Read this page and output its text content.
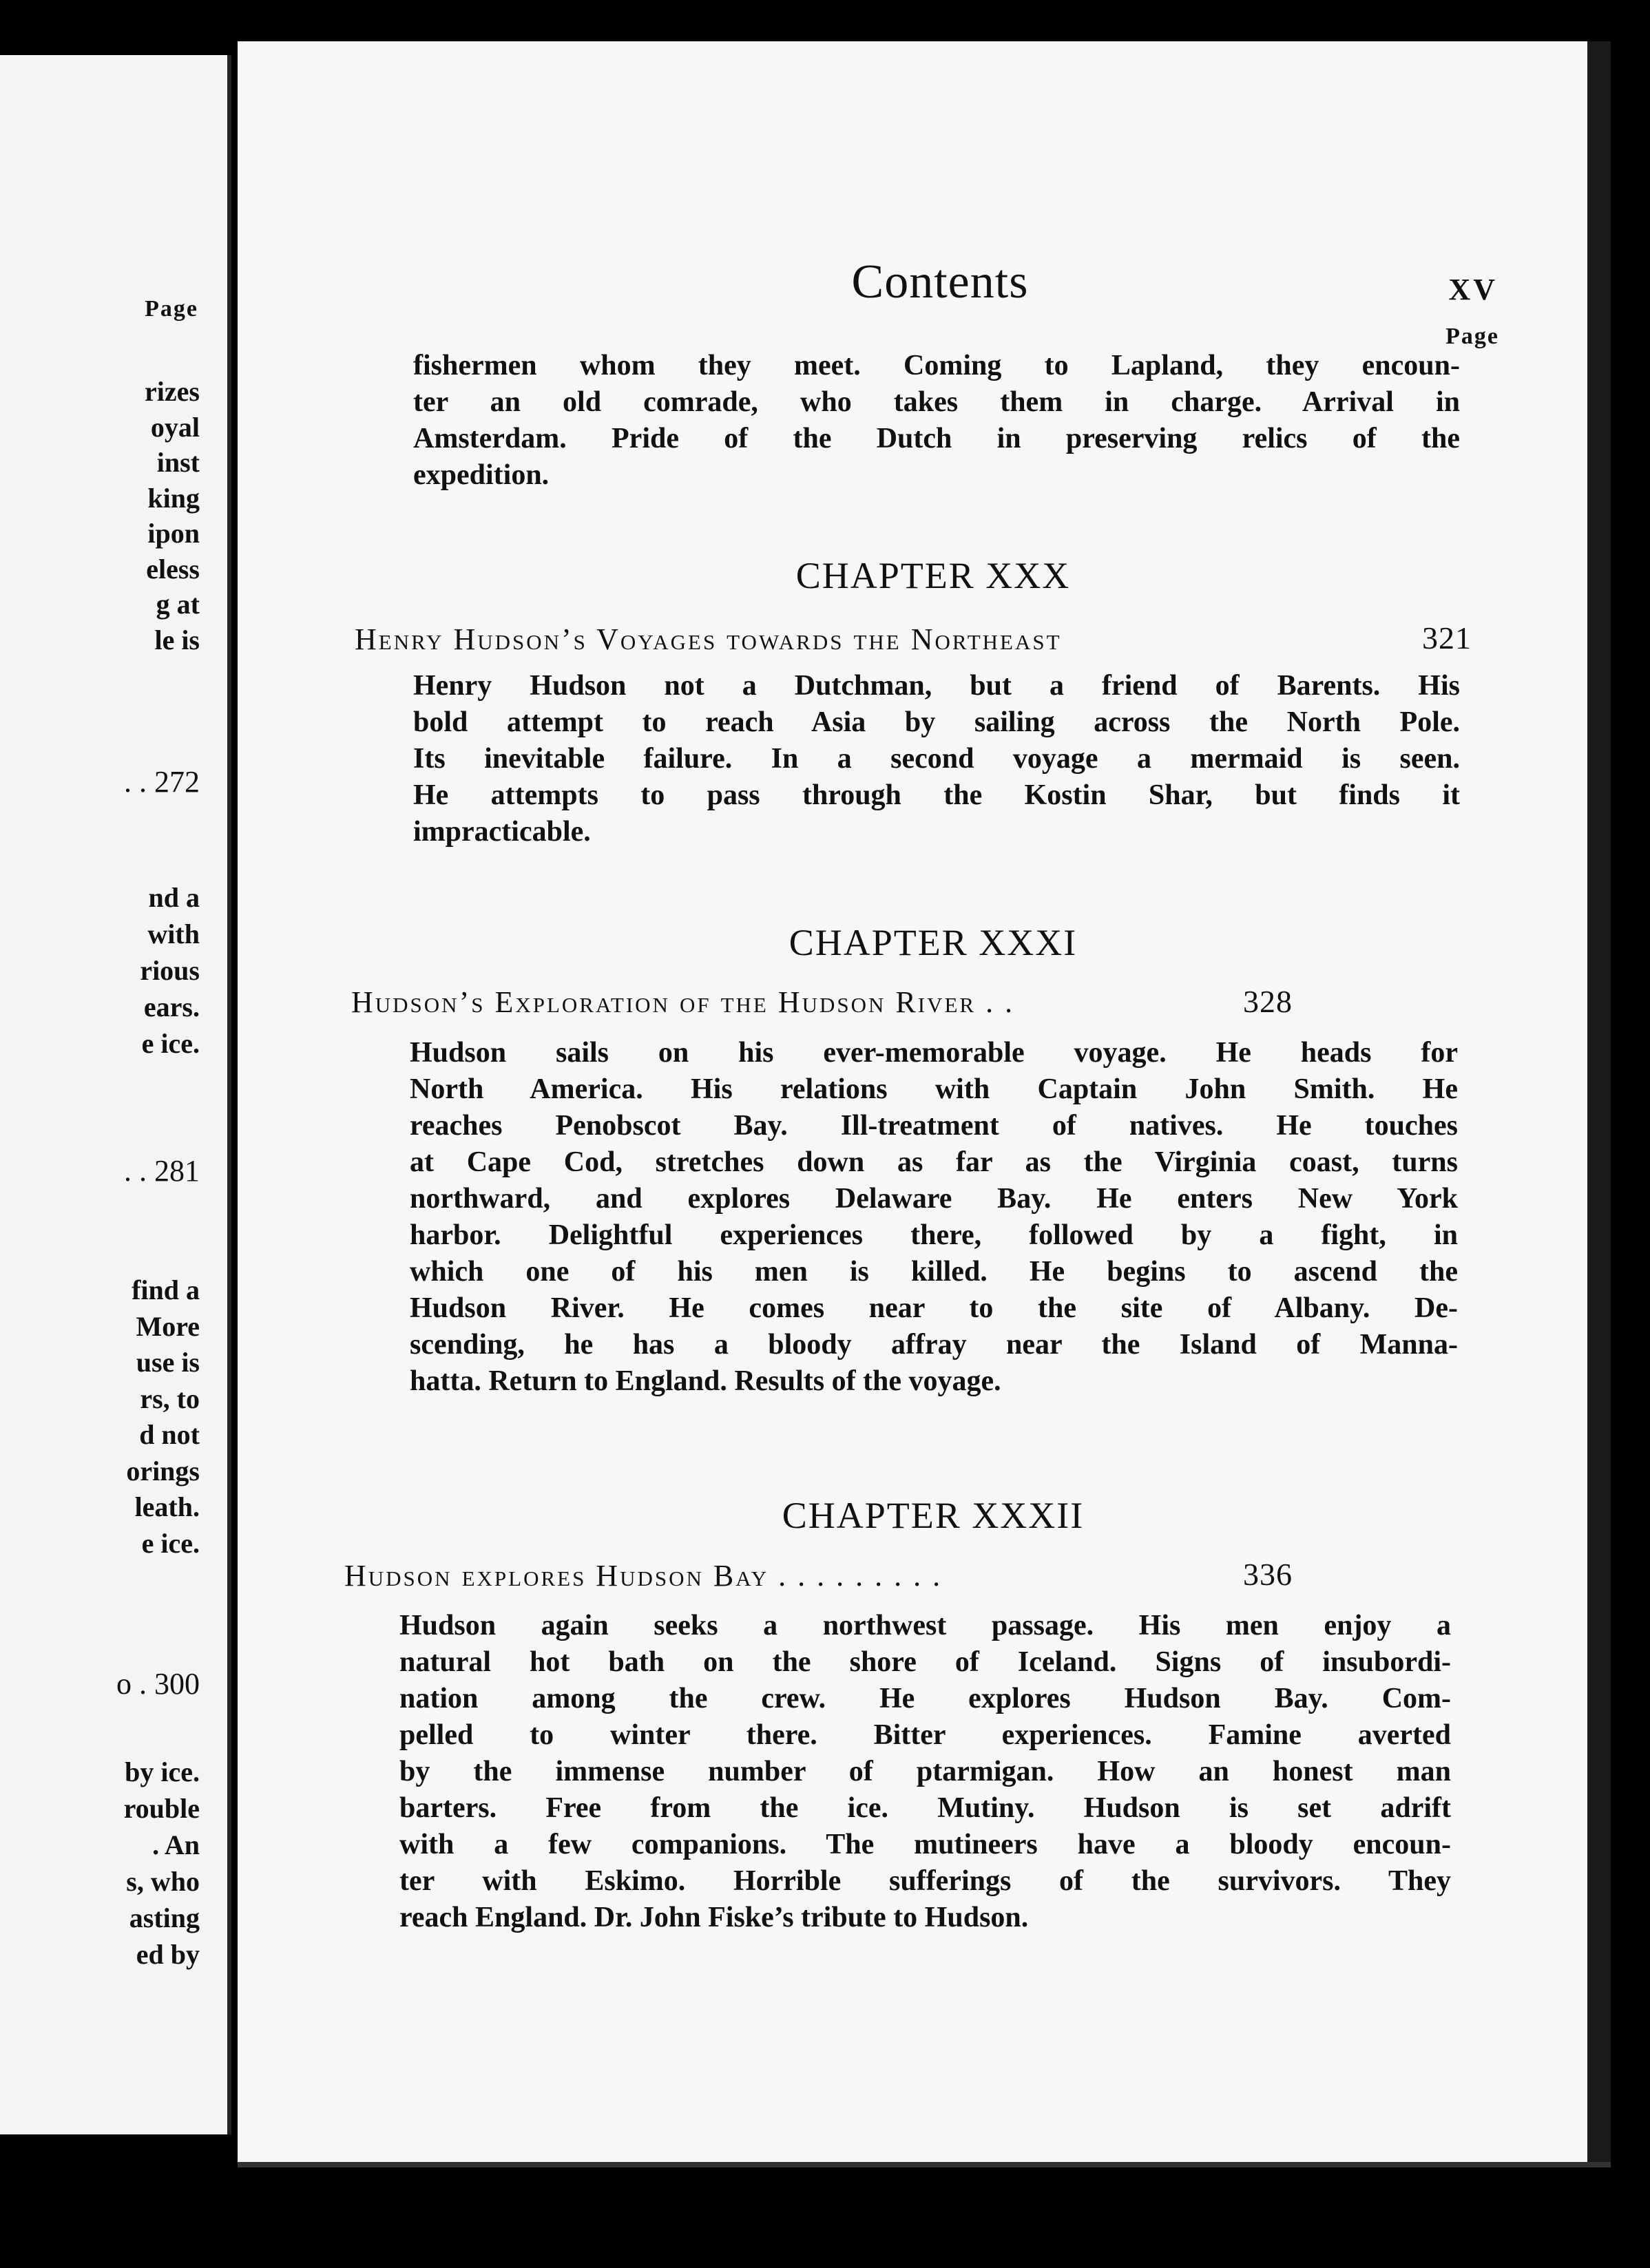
Page
rizes
oyal
inst
king
ipon
eless
g at
le is
. . 272
nd a
with
rious
ears.
e ice.
. . 281
find a
More
use is
rs, to
d not
orings
leath.
e ice.
o . 300
by ice.
rouble
. An
s, who
asting
ed by
Contents	XV
Page
fishermen whom they meet. Coming to Lapland, they encoun-
ter an old comrade, who takes them in charge. Arrival in
Amsterdam. Pride of the Dutch in preserving relics of the
expedition.
CHAPTER XXX
Henry Hudson’s Voyages towards the Northeast	321
Henry Hudson not a Dutchman, but a friend of Barents. His
bold attempt to reach Asia by sailing across the North Pole.
Its inevitable failure. In a second voyage a mermaid is seen.
He attempts to pass through the Kostin Shar, but finds it
impracticable.
CHAPTER XXXI
Hudson’s Exploration of the Hudson River . .	328
Hudson sails on his ever-memorable voyage. He heads for
North America. His relations with Captain John Smith. He
reaches Penobscot Bay. Ill-treatment of natives. He touches
at Cape Cod, stretches down as far as the Virginia coast, turns
northward, and explores Delaware Bay. He enters New York
harbor. Delightful experiences there, followed by a fight, in
which one of his men is killed. He begins to ascend the
Hudson River. He comes near to the site of Albany. De-
scending, he has a bloody affray near the Island of Manna-
hatta. Return to England. Results of the voyage.
CHAPTER XXXII
Hudson explores Hudson Bay . . . . . . . . .	336
Hudson again seeks a northwest passage. His men enjoy a
natural hot bath on the shore of Iceland. Signs of insubordi-
nation among the crew. He explores Hudson Bay. Com-
pelled to winter there. Bitter experiences. Famine averted
by the immense number of ptarmigan. How an honest man
barters. Free from the ice. Mutiny. Hudson is set adrift
with a few companions. The mutineers have a bloody encoun-
ter with Eskimo. Horrible sufferings of the survivors. They
reach England. Dr. John Fiske’s tribute to Hudson.
